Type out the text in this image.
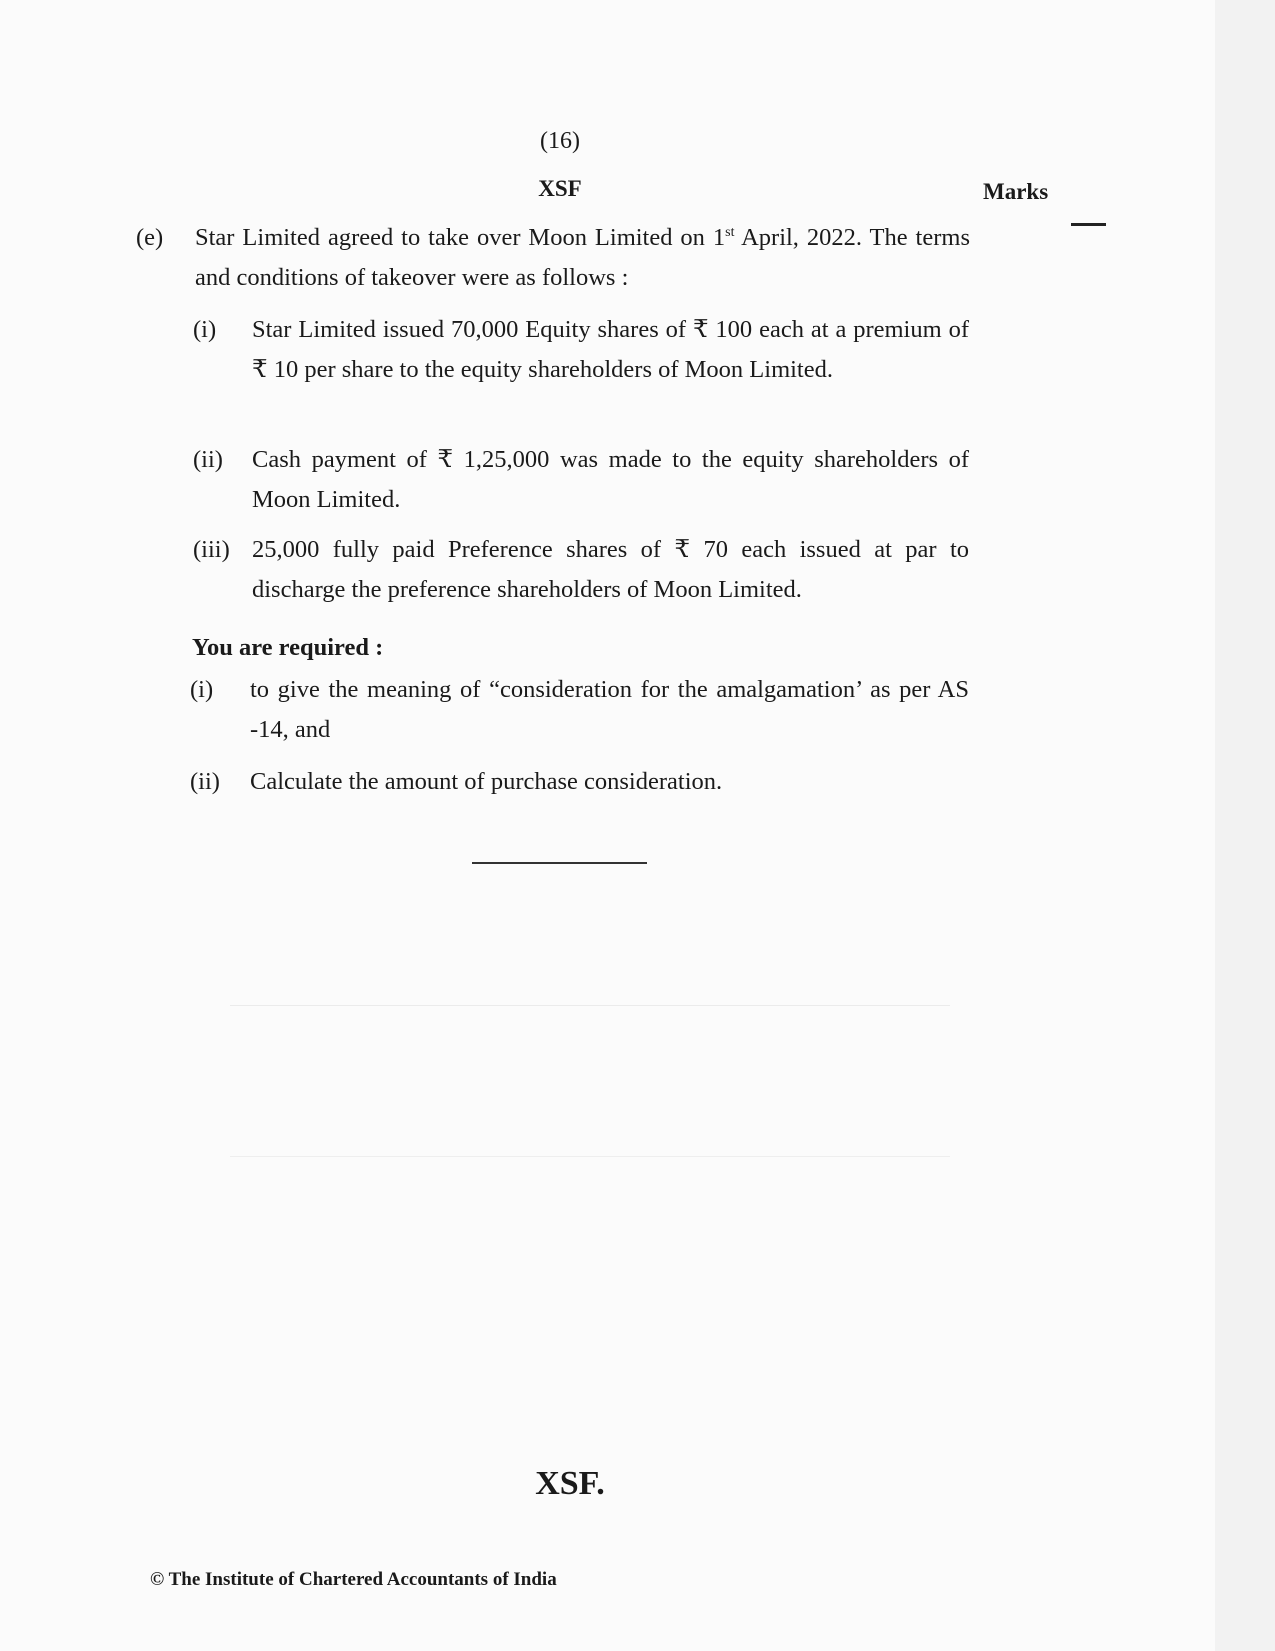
(16)
XSF	Marks
(e) Star Limited agreed to take over Moon Limited on 1st April, 2022. The terms and conditions of takeover were as follows :
(i) Star Limited issued 70,000 Equity shares of ₹ 100 each at a premium of ₹ 10 per share to the equity shareholders of Moon Limited.
(ii) Cash payment of ₹ 1,25,000 was made to the equity shareholders of Moon Limited.
(iii) 25,000 fully paid Preference shares of ₹ 70 each issued at par to discharge the preference shareholders of Moon Limited.
You are required :
(i) to give the meaning of “consideration for the amalgamation’ as per AS -14, and
(ii) Calculate the amount of purchase consideration.
XSF.
© The Institute of Chartered Accountants of India
